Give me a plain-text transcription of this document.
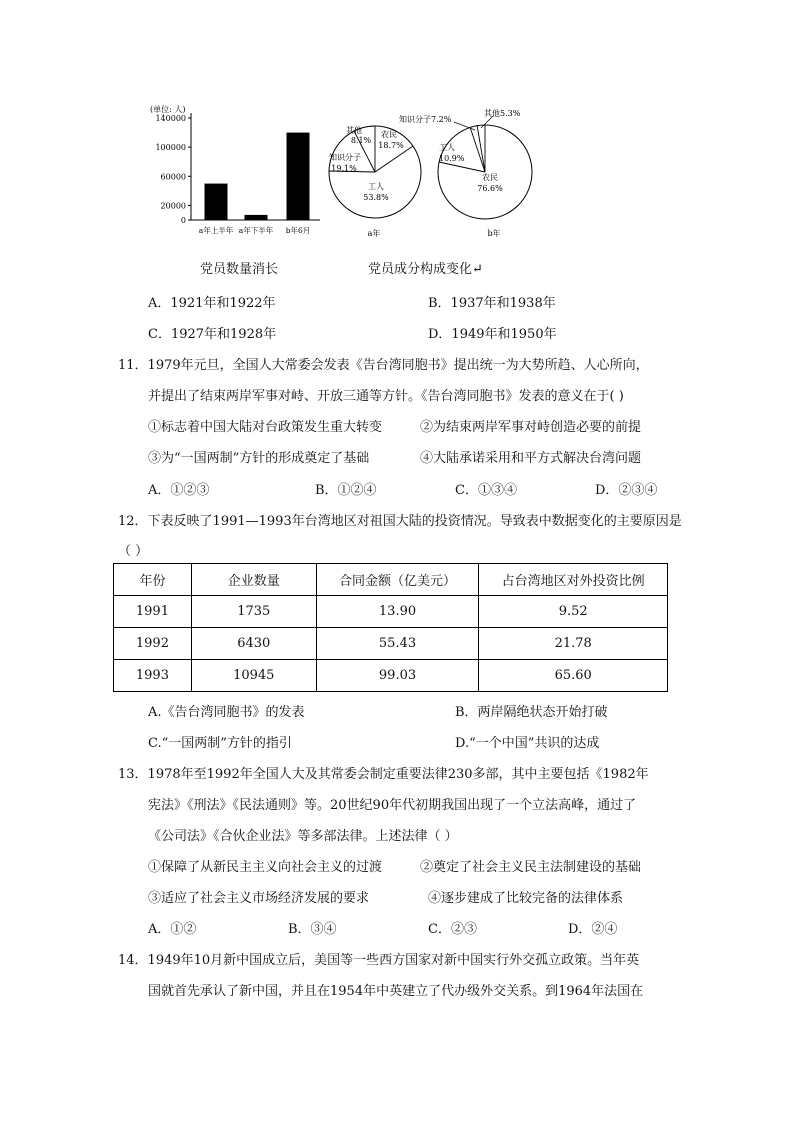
(单位: 人)
0
20000
60000
100000
140000
a年上半年 a年下半年 b年6月
其他
8.1%
农民
18.7%
知识分子
19.1%
工人
53.8%
a年
知识分子7.2%
其他5.3%
工人
10.9%
农民
76.6%
b年
党员数量消长	党员成分构成变化↵
A．1921年和1922年	B．1937年和1938年
C．1927年和1928年	D．1949年和1950年
11．1979年元旦，全国人大常委会发表《告台湾同胞书》提出统一为大势所趋、人心所向，
并提出了结束两岸军事对峙、开放三通等方针。《告台湾同胞书》发表的意义在于( )
①标志着中国大陆对台政策发生重大转变	②为结束两岸军事对峙创造必要的前提
③为“一国两制”方针的形成奠定了基础	④大陆承诺采用和平方式解决台湾问题
A．①②③	B．①②④	C．①③④	D．②③④
12．下表反映了1991—1993年台湾地区对祖国大陆的投资情况。导致表中数据变化的主要原因是
（ ）
年份	企业数量	合同金额（亿美元）	占台湾地区对外投资比例
1991	1735	13.90	9.52
1992	6430	55.43	21.78
1993	10945	99.03	65.60
A.《告台湾同胞书》的发表	B．两岸隔绝状态开始打破
C.“一国两制”方针的指引	D.“一个中国”共识的达成
13．1978年至1992年全国人大及其常委会制定重要法律230多部，其中主要包括《1982年
宪法》《刑法》《民法通则》等。20世纪90年代初期我国出现了一个立法高峰，通过了
《公司法》《合伙企业法》等多部法律。上述法律（ ）
①保障了从新民主主义向社会主义的过渡	②奠定了社会主义民主法制建设的基础
③适应了社会主义市场经济发展的要求	④逐步建成了比较完备的法律体系
A．①②	B．③④	C．②③	D．②④
14．1949年10月新中国成立后，美国等一些西方国家对新中国实行外交孤立政策。当年英
国就首先承认了新中国，并且在1954年中英建立了代办级外交关系。到1964年法国在
